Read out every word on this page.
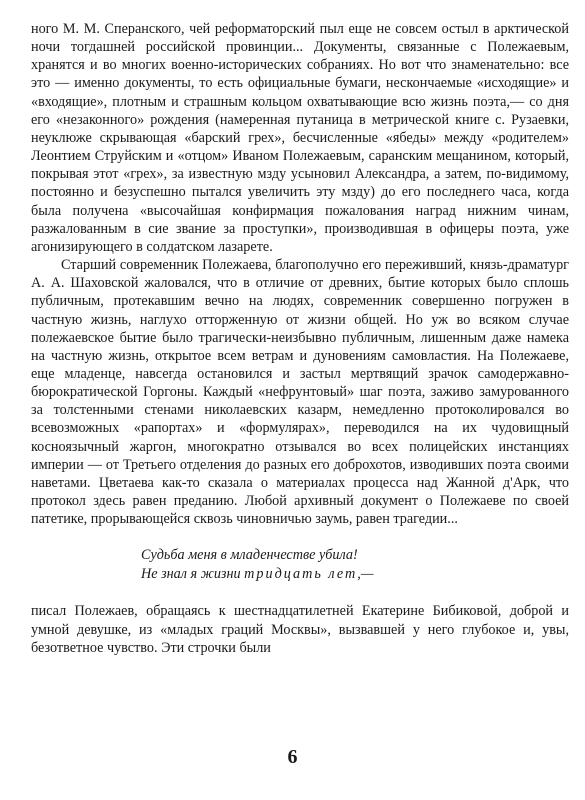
ного М. М. Сперанского, чей реформаторский пыл еще не совсем остыл в арктической ночи тогдашней российской провинции... Документы, связанные с Полежаевым, хранятся и во многих военно-исторических собраниях. Но вот что знаменательно: все это — именно документы, то есть официальные бумаги, нескончаемые «исходящие» и «входящие», плотным и страшным кольцом охватывающие всю жизнь поэта,— со дня его «незаконного» рождения (намеренная путаница в метрической книге с. Рузаевки, неуклюже скрывающая «барский грех», бесчисленные «ябеды» между «родителем» Леонтием Струйским и «отцом» Иваном Полежаевым, саранским мещанином, который, покрывая этот «грех», за известную мзду усыновил Александра, а затем, по-видимому, постоянно и безуспешно пытался увеличить эту мзду) до его последнего часа, когда была получена «высочайшая конфирмация пожалования наград нижним чинам, разжалованным в сие звание за проступки», производившая в офицеры поэта, уже агонизирующего в солдатском лазарете.

Старший современник Полежаева, благополучно его переживший, князь-драматург А. А. Шаховской жаловался, что в отличие от древних, бытие которых было сплошь публичным, протекавшим вечно на людях, современник совершенно погружен в частную жизнь, наглухо отторженную от жизни общей. Но уж во всяком случае полежаевское бытие было трагически-неизбывно публичным, лишенным даже намека на частную жизнь, открытое всем ветрам и дуновениям самовластия. На Полежаеве, еще младенце, навсегда остановился и застыл мертвящий зрачок самодержавно-бюрократической Горгоны. Каждый «нефрунтовый» шаг поэта, заживо замурованного за толстенными стенами николаевских казарм, немедленно протоколировался во всевозможных «рапортах» и «формулярах», переводился на их чудовищный косноязычный жаргон, многократно отзывался во всех полицейских инстанциях империи — от Третьего отделения до разных его доброхотов, изводивших поэта своими наветами. Цветаева как-то сказала о материалах процесса над Жанной д'Арк, что протокол здесь равен преданию. Любой архивный документ о Полежаеве по своей патетике, прорывающейся сквозь чиновничью заумь, равен трагедии...

Судьба меня в младенчестве убила!
Не знал я жизни тридцать лет,—

писал Полежаев, обращаясь к шестнадцатилетней Екатерине Бибиковой, доброй и умной девушке, из «младых граций Москвы», вызвавшей у него глубокое и, увы, безответное чувство. Эти строчки были

6
